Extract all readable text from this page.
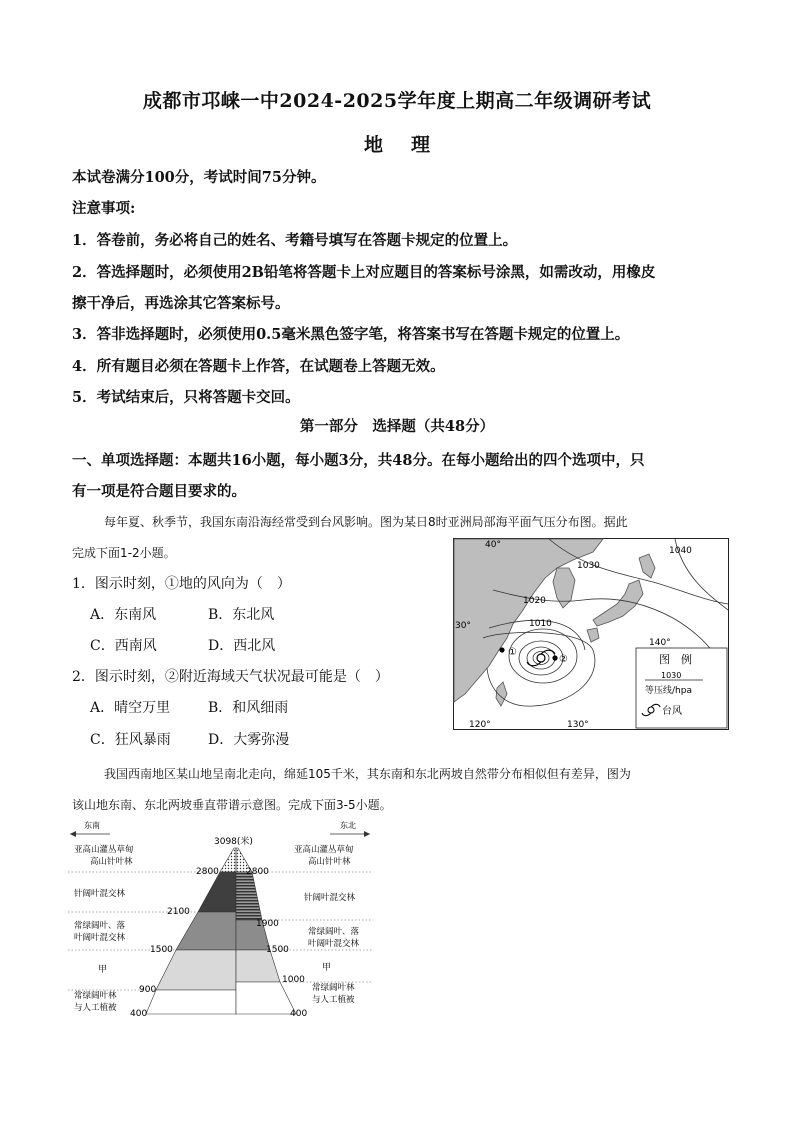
成都市邛崃一中2024-2025学年度上期高二年级调研考试
地 理
本试卷满分100分，考试时间75分钟。
注意事项:
1．答卷前，务必将自己的姓名、考籍号填写在答题卡规定的位置上。
2．答选择题时，必须使用2B铅笔将答题卡上对应题目的答案标号涂黑，如需改动，用橡皮
擦干净后，再选涂其它答案标号。
3．答非选择题时，必须使用0.5毫米黑色签字笔，将答案书写在答题卡规定的位置上。
4．所有题目必须在答题卡上作答，在试题卷上答题无效。
5．考试结束后，只将答题卡交回。
第一部分　选择题（共48分）
一、单项选择题：本题共16小题，每小题3分，共48分。在每小题给出的四个选项中，只
有一项是符合题目要求的。
每年夏、秋季节，我国东南沿海经常受到台风影响。图为某日8时亚洲局部海平面气压分布图。据此
完成下面1-2小题。
1．图示时刻，①地的风向为（　）
A．东南风	B．东北风
C．西南风	D．西北风
2．图示时刻，②附近海域天气状况最可能是（　）
A．晴空万里	B．和风细雨
C．狂风暴雨	D．大雾弥漫
①
②
40°
30°
120°	130°
140°
1040
1030
1020
1010
图　例
1030
等压线/hpa
台风
我国西南地区某山地呈南北走向，绵延105千米，其东南和东北两坡自然带分布相似但有差异，图为
该山地东南、东北两坡垂直带谱示意图。完成下面3-5小题。
东南	东北
3098(米)
2800
2100
1500
900
400
2800
1900
1500
1000
400
亚高山灌丛草甸
高山针叶林
针阔叶混交林
常绿阔叶、落
叶阔叶混交林
甲
常绿阔叶林
与人工植被
亚高山灌丛草甸
高山针叶林
针阔叶混交林
常绿阔叶、落
叶阔叶混交林
甲
常绿阔叶林
与人工植被
